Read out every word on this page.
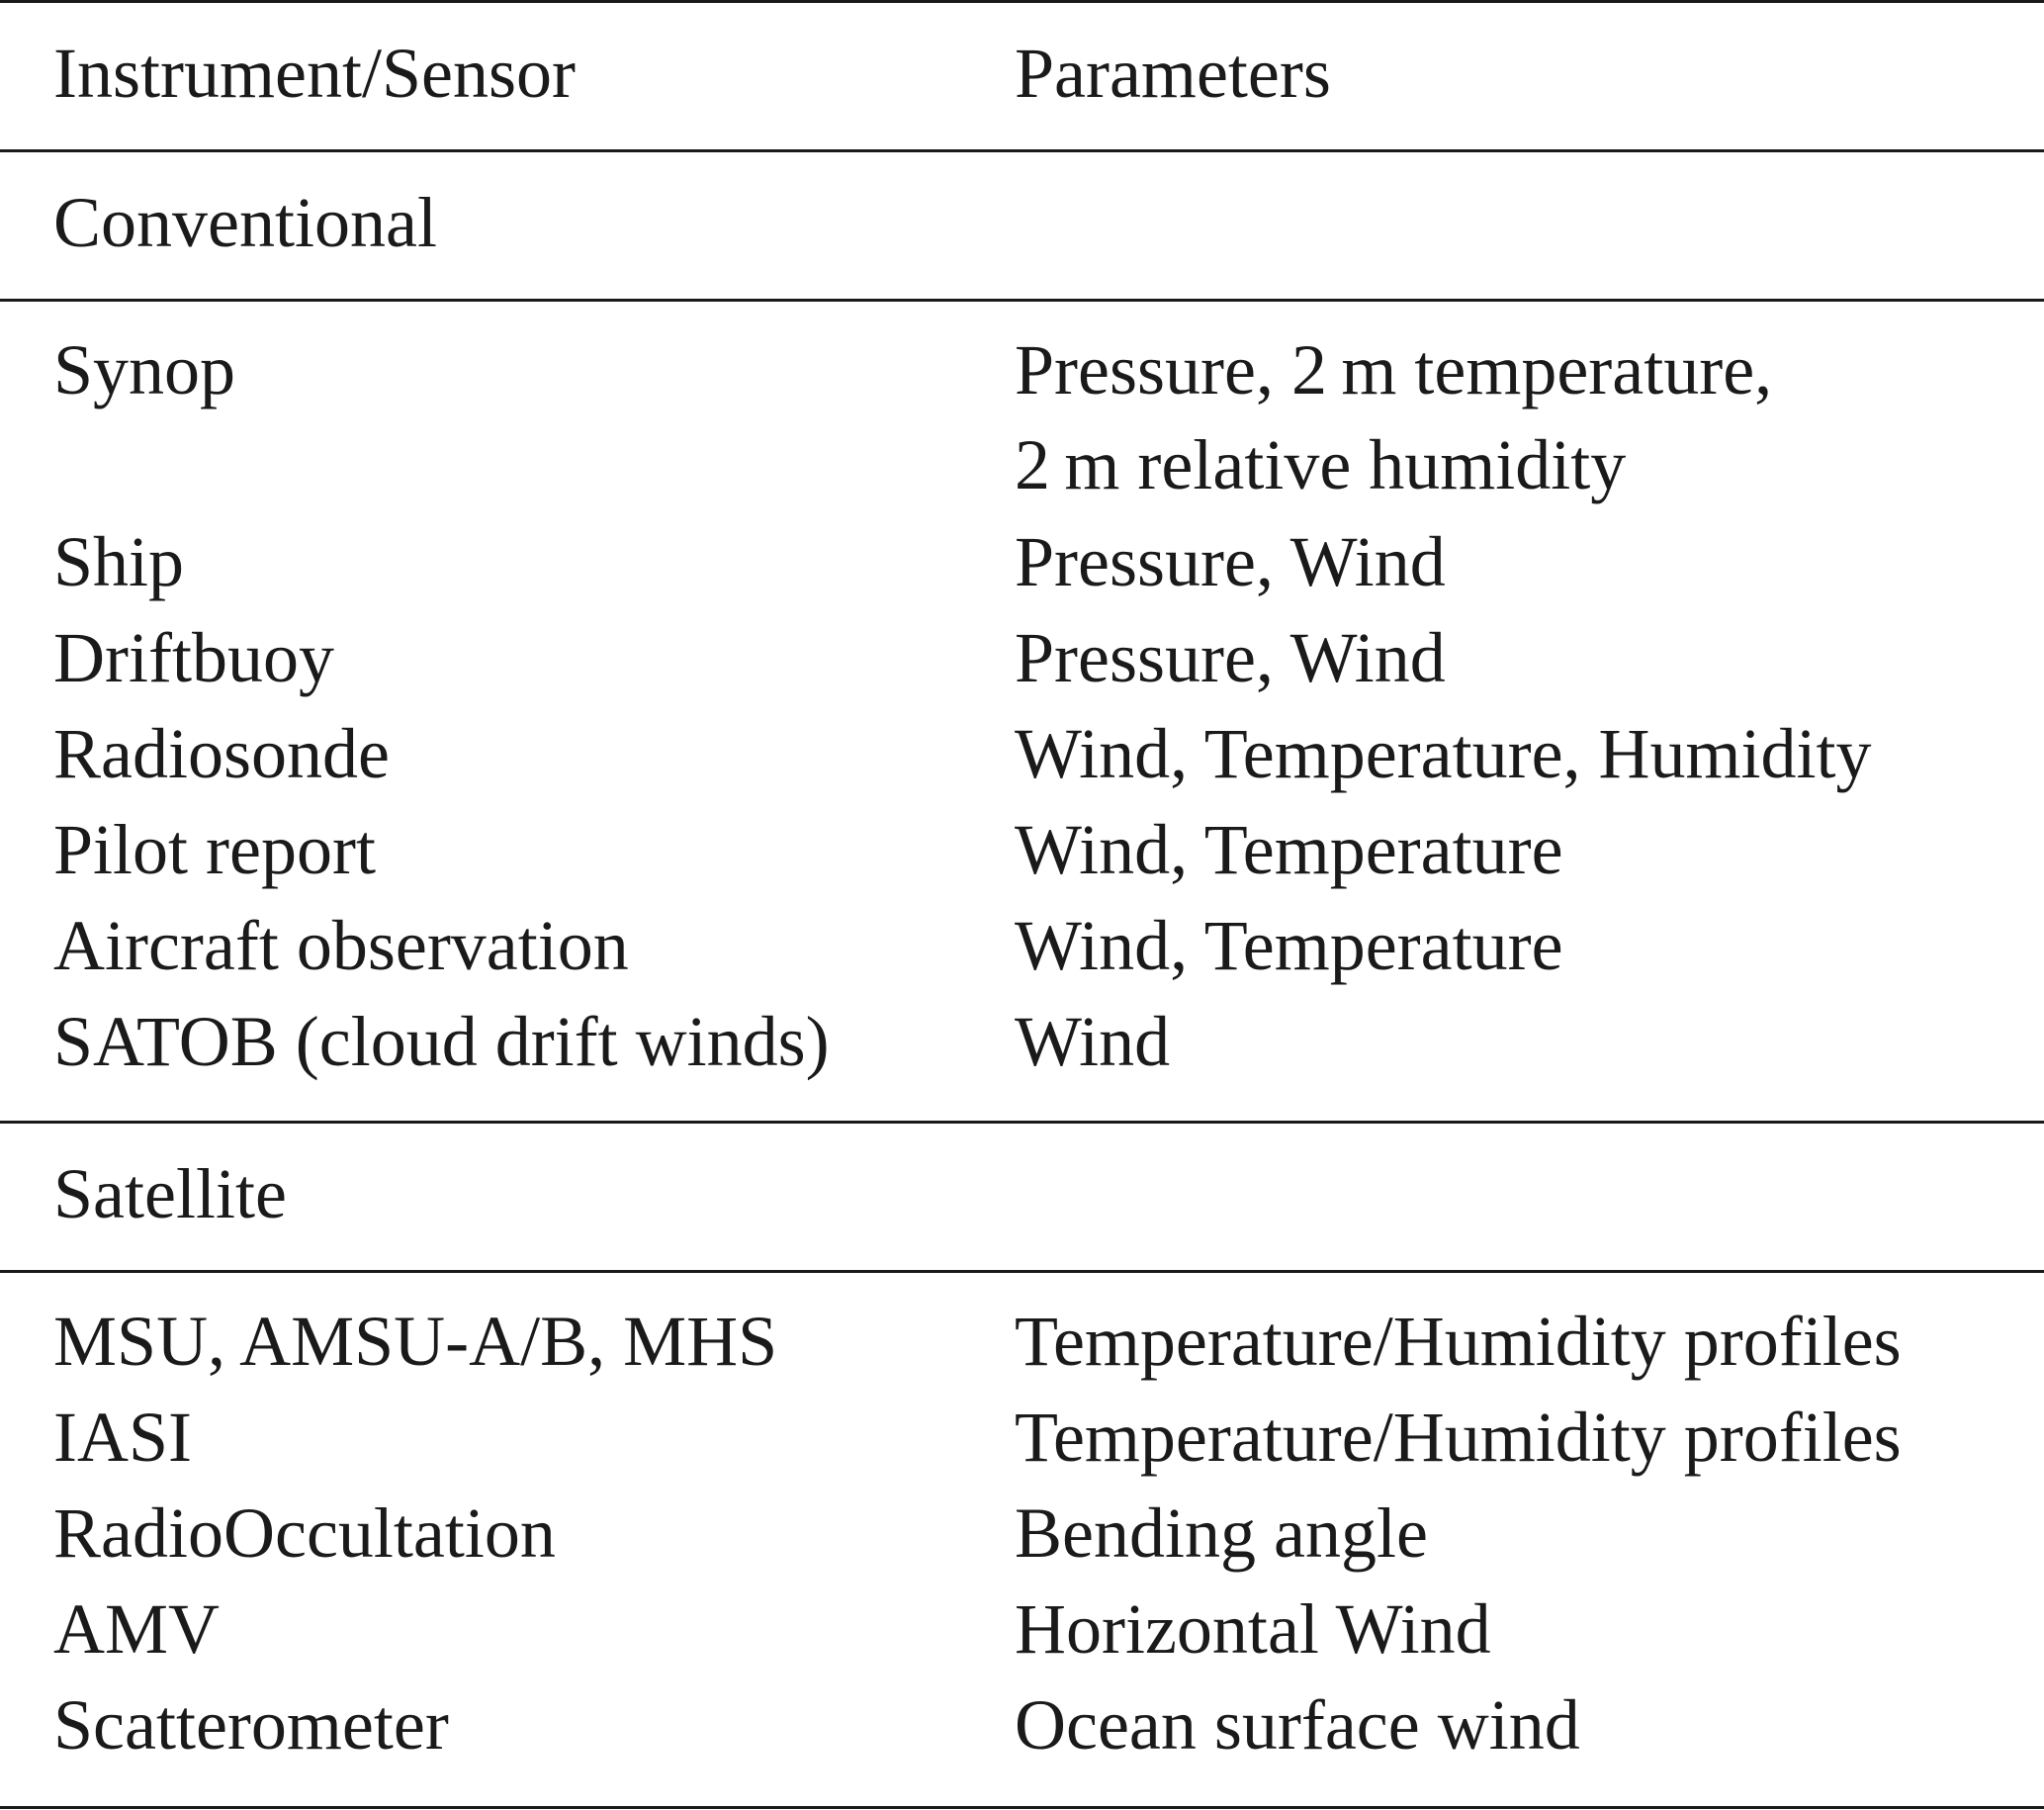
Instrument/Sensor	Parameters
Conventional
Synop	Pressure, 2 m temperature,
2 m relative humidity
Ship	Pressure, Wind
Driftbuoy	Pressure, Wind
Radiosonde	Wind, Temperature, Humidity
Pilot report	Wind, Temperature
Aircraft observation	Wind, Temperature
SATOB (cloud drift winds)	Wind
Satellite
MSU, AMSU-A/B, MHS	Temperature/Humidity profiles
IASI	Temperature/Humidity profiles
RadioOccultation	Bending angle
AMV	Horizontal Wind
Scatterometer	Ocean surface wind
